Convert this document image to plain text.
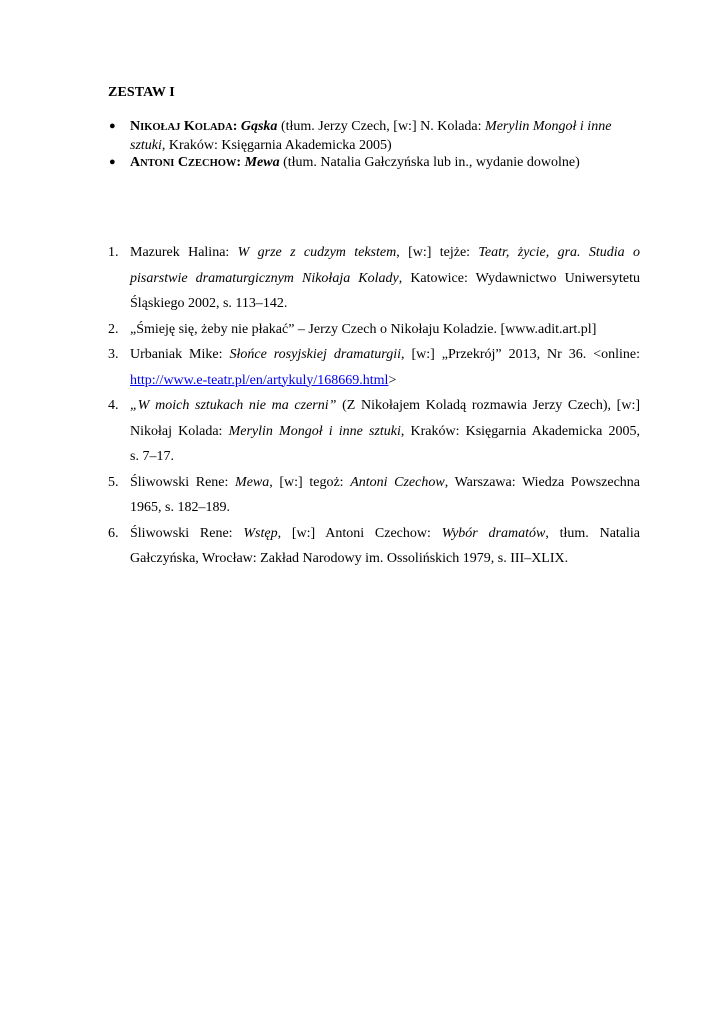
ZESTAW I
● NIKOŁAJ KOLADA: Gąska (tłum. Jerzy Czech, [w:] N. Kolada: Merylin Mongoł i inne sztuki, Kraków: Księgarnia Akademicka 2005)
● ANTONI CZECHOW: Mewa (tłum. Natalia Gałczyńska lub in., wydanie dowolne)
1. Mazurek Halina: W grze z cudzym tekstem, [w:] tejże: Teatr, życie, gra. Studia o
pisarstwie dramaturgicznym Nikołaja Kolady, Katowice: Wydawnictwo Uniwersytetu
Śląskiego 2002, s. 113–142.
2. „Śmieję się, żeby nie płakać” – Jerzy Czech o Nikołaju Koladzie. [www.adit.art.pl]
3. Urbaniak Mike: Słońce rosyjskiej dramaturgii, [w:] „Przekrój” 2013, Nr 36. <online:
http://www.e-teatr.pl/en/artykuly/168669.html>
4. „W moich sztukach nie ma czerni” (Z Nikołajem Koladą rozmawia Jerzy Czech), [w:]
Nikołaj Kolada: Merylin Mongoł i inne sztuki, Kraków: Księgarnia Akademicka 2005,
s. 7–17.
5. Śliwowski Rene: Mewa, [w:] tegoż: Antoni Czechow, Warszawa: Wiedza Powszechna
1965, s. 182–189.
6. Śliwowski Rene: Wstęp, [w:] Antoni Czechow: Wybór dramatów, tłum. Natalia
Gałczyńska, Wrocław: Zakład Narodowy im. Ossolińskich 1979, s. III–XLIX.
